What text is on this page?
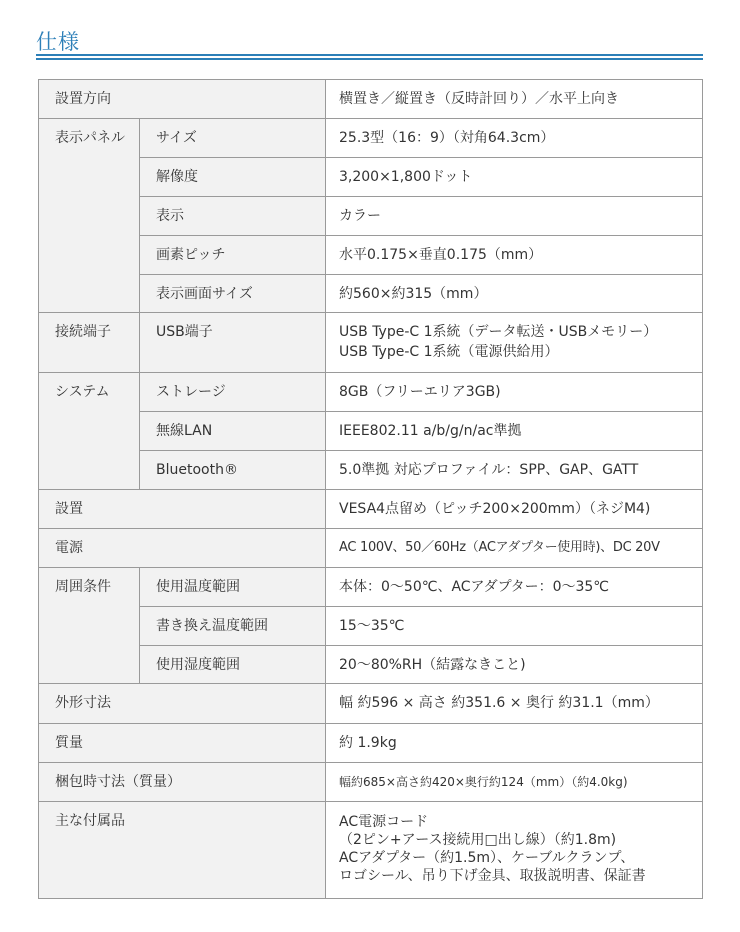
仕様
設置方向		横置き／縦置き（反時計回り）／水平上向き
表示パネル	サイズ	25.3型（16：9）（対角64.3cm）
	解像度	3,200×1,800ドット
	表示	カラー
	画素ピッチ	水平0.175×垂直0.175（mm）
	表示画面サイズ	約560×約315（mm）
接続端子	USB端子	USB Type-C 1系統（データ転送・USBメモリー）
USB Type-C 1系統（電源供給用）

システム	ストレージ	8GB（フリーエリア3GB)
	無線LAN	IEEE802.11 a/b/g/n/ac準拠
	Bluetooth®	5.0準拠 対応プロファイル：SPP、GAP、GATT
設置		VESA4点留め（ピッチ200×200mm）（ネジM4)
電源		AC 100V、50／60Hz（ACアダプター使用時)、DC 20V
周囲条件	使用温度範囲	本体：0～50℃、ACアダプター：0～35℃
	書き換え温度範囲	15～35℃
	使用湿度範囲	20～80%RH（結露なきこと)
外形寸法		幅 約596 × 高さ 約351.6 × 奥行 約31.1（mm）
質量		約 1.9kg
梱包時寸法（質量）		幅約685×高さ約420×奥行約124（mm）（約4.0kg)
主な付属品		AC電源コード
（2ピン+アース接続用□出し線）（約1.8m)
ACアダプター（約1.5m）、ケーブルクランプ、
ロゴシール、吊り下げ金具、取扱説明書、保証書
